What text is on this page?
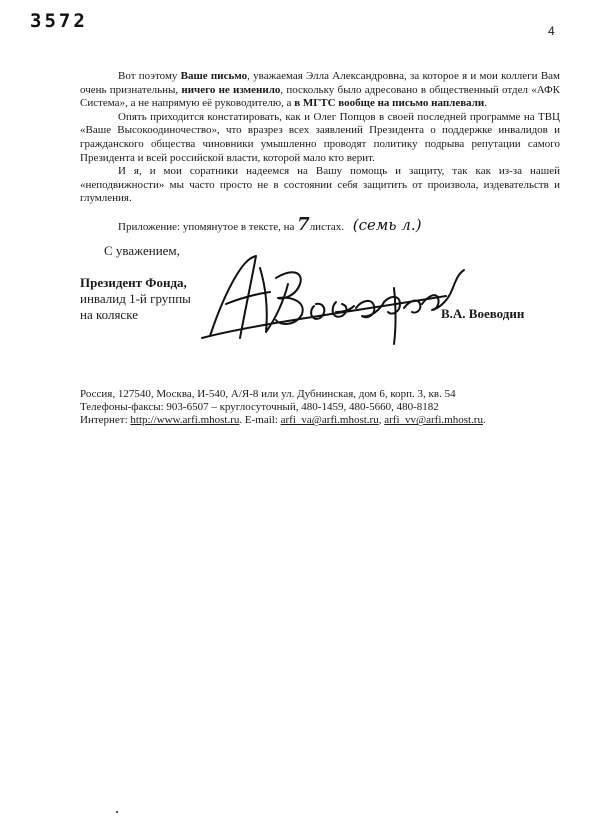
3572	4

Вот поэтому Ваше письмо, уважаемая Элла Александровна, за которое я и мои коллеги Вам очень признательны, ничего не изменило, поскольку было адресовано в общественный отдел «АФК Система», а не напрямую её руководителю, а в МГТС вообще на письмо наплевали.

Опять приходится констатировать, как и Олег Попцов в своей последней программе на ТВЦ «Ваше Высокоодиночество», что вразрез всех заявлений Президента о поддержке инвалидов и гражданского общества чиновники умышленно проводят политику подрыва репутации самого Президента и всей российской власти, которой мало кто верит.

И я, и мои соратники надеемся на Вашу помощь и защиту, так как из-за нашей «неподвижности» мы часто просто не в состоянии себя защитить от произвола, издевательств и глумления.

Приложение: упомянутое в тексте, на 7листах. (семь л.)
С уважением,
Президент Фонда,
инвалид 1-й группы
на коляске	В.А. Воеводин
Россия, 127540, Москва, И-540, А/Я-8 или ул. Дубнинская, дом 6, корп. 3, кв. 54
Телефоны-факсы: 903-6507 – круглосуточный, 480-1459, 480-5660, 480-8182
Интернет: http://www.arfi.mhost.ru. E-mail: arfi_va@arfi.mhost.ru, arfi_vv@arfi.mhost.ru.
